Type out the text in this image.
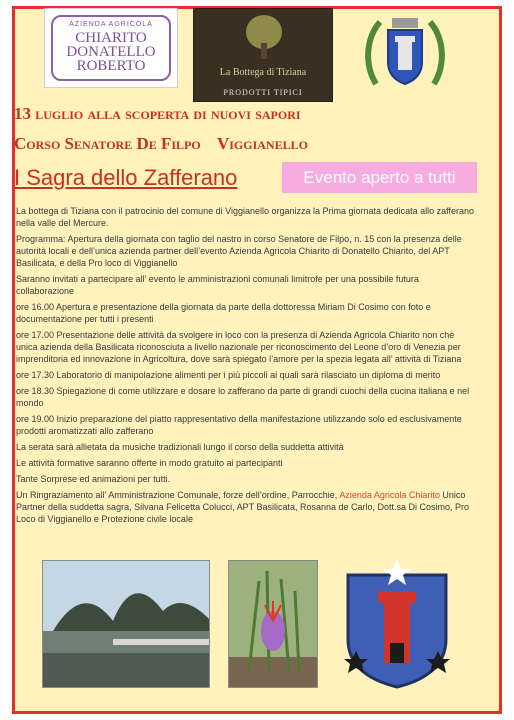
AZIENDA AGRICOLA
CHIARITO
DONATELLO
ROBERTO	La Bottega di Tiziana
PRODOTTI TIPICI
13 luglio alla scoperta di nuovi sapori
Corso Senatore De Filpo Viggianello
I Sagra dello Zafferano	Evento aperto a tutti

La bottega di Tiziana con il patrocinio del comune di Viggianello organizza la Prima giornata dedicata allo zafferano nella valle del Mercure.

Programma: Apertura della giornata con taglio del nastro in corso Senatore de Filpo, n. 15 con la presenza delle autorità locali e dell’unica azienda partner dell’evento Azienda Agricola Chiarito di Donatello Chiarito, del APT Basilicata, e della Pro loco di Viggianello

Saranno invitati a partecipare all’ evento le amministrazioni comunali limitrofe per una possibile futura collaborazione

ore 16.00 Apertura e presentazione della giornata da parte della dottoressa Miriam Di Cosimo con foto e documentazione per tutti i presenti

ore 17.00 Presentazione delle attività da svolgere in loco con la presenza di Azienda Agricola Chiarito non chè unica azienda della Basilicata riconosciuta a livello nazionale per riconoscimento del Leone d’oro di Venezia per imprenditoria ed innovazione in Agricoltura, dove sarà spiegato l’amore per la spezia legata all’ attività di Tiziana

ore 17.30 Laboratorio di manipolazione alimenti per i più piccoli ai quali sarà rilasciato un diploma di merito

ore 18.30 Spiegazione di come utilizzare e dosare lo zafferano da parte di grandi cuochi della cucina italiana e nel mondo

ore 19.00 Inizio preparazione del piatto rappresentativo della manifestazione utilizzando solo ed esclusivamente prodotti aromatizzati allo zafferano

La serata sarà allietata da musiche tradizionali lungo il corso della suddetta attività

Le attività formative saranno offerte in modo gratuito ai partecipanti

Tante Sorprese ed animazioni per tutti.

Un Ringraziamento all’ Amministrazione Comunale, forze dell’ordine, Parrocchie, Azienda Agricola Chiarito Unico Partner della suddetta sagra, Silvana Felicetta Colucci, APT Basilicata, Rosanna de Carlo, Dott.sa Di Cosimo, Pro Loco di Viggianello e Protezione civile locale
